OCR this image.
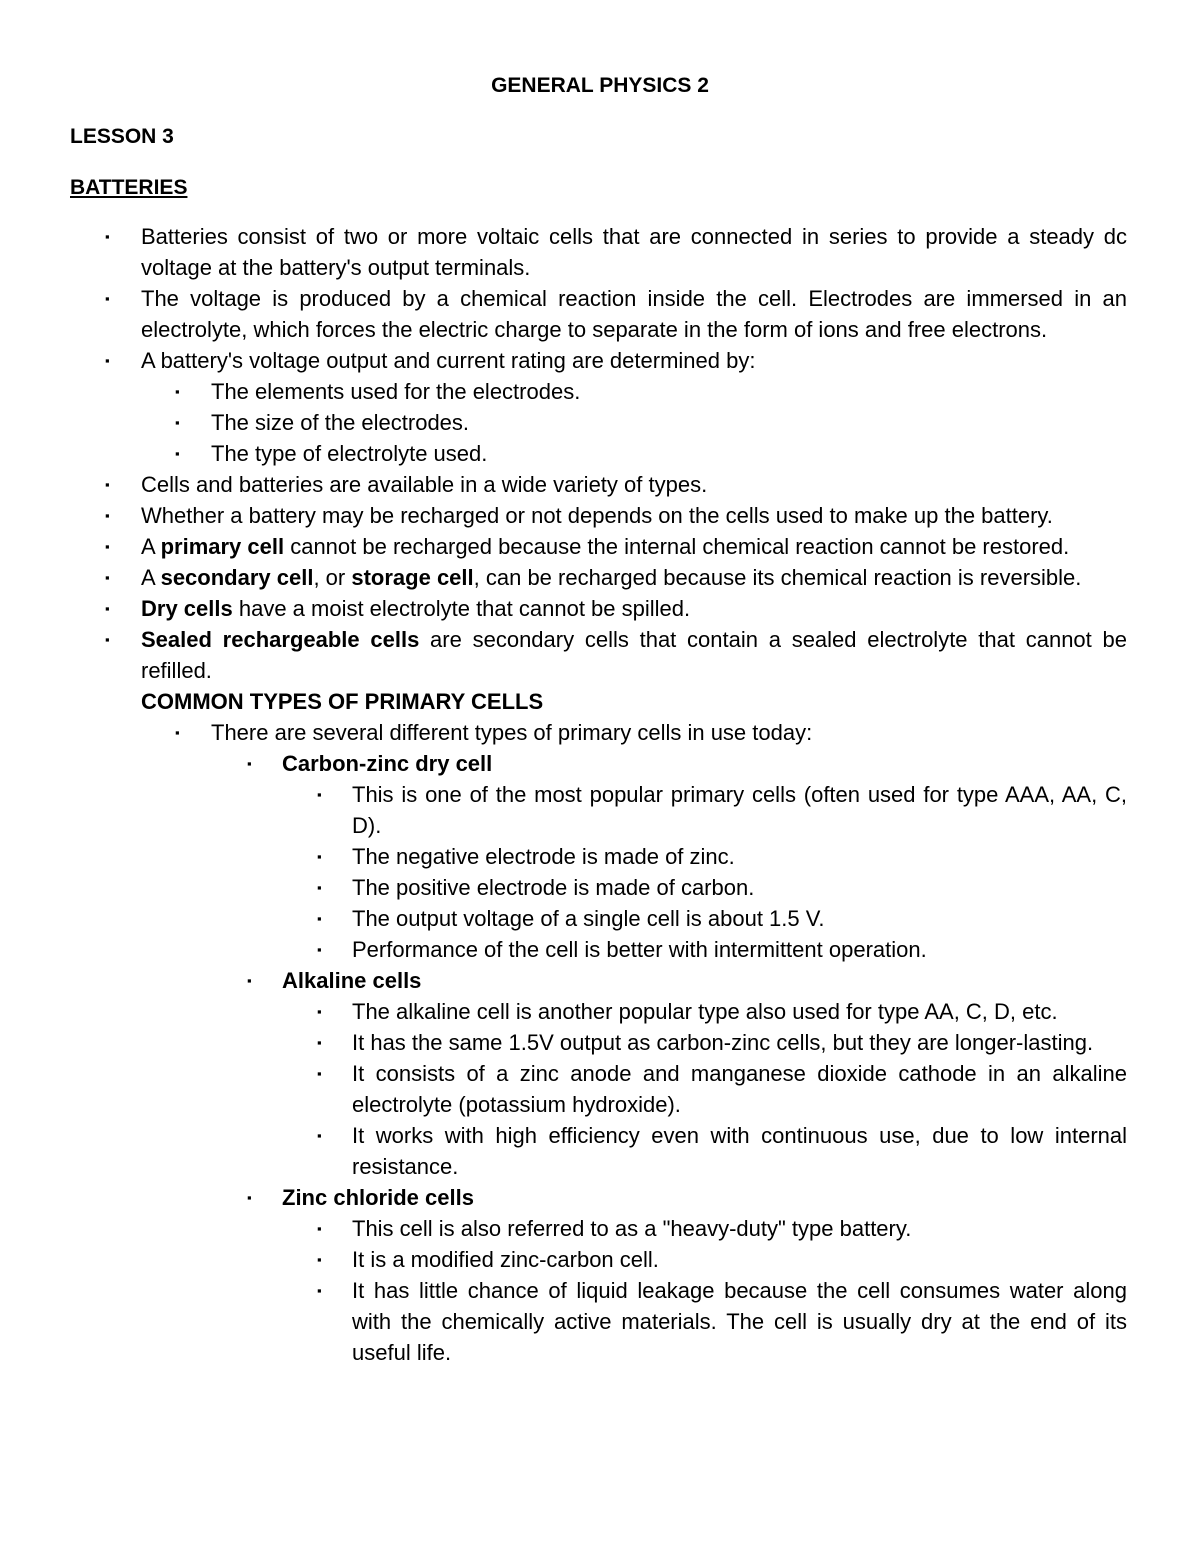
GENERAL PHYSICS 2
LESSON 3
BATTERIES
▪ Batteries consist of two or more voltaic cells that are connected in series to provide a steady dc voltage at the battery's output terminals.
▪ The voltage is produced by a chemical reaction inside the cell. Electrodes are immersed in an electrolyte, which forces the electric charge to separate in the form of ions and free electrons.
▪ A battery's voltage output and current rating are determined by:
▪ The elements used for the electrodes.
▪ The size of the electrodes.
▪ The type of electrolyte used.
▪ Cells and batteries are available in a wide variety of types.
▪ Whether a battery may be recharged or not depends on the cells used to make up the battery.
▪ A primary cell cannot be recharged because the internal chemical reaction cannot be restored.
▪ A secondary cell, or storage cell, can be recharged because its chemical reaction is reversible.
▪ Dry cells have a moist electrolyte that cannot be spilled.
▪ Sealed rechargeable cells are secondary cells that contain a sealed electrolyte that cannot be refilled.
COMMON TYPES OF PRIMARY CELLS
▪ There are several different types of primary cells in use today:
▪ Carbon-zinc dry cell
▪ This is one of the most popular primary cells (often used for type AAA, AA, C, D).
▪ The negative electrode is made of zinc.
▪ The positive electrode is made of carbon.
▪ The output voltage of a single cell is about 1.5 V.
▪ Performance of the cell is better with intermittent operation.
▪ Alkaline cells
▪ The alkaline cell is another popular type also used for type AA, C, D, etc.
▪ It has the same 1.5V output as carbon-zinc cells, but they are longer-lasting.
▪ It consists of a zinc anode and manganese dioxide cathode in an alkaline electrolyte (potassium hydroxide).
▪ It works with high efficiency even with continuous use, due to low internal resistance.
▪ Zinc chloride cells
▪ This cell is also referred to as a "heavy-duty" type battery.
▪ It is a modified zinc-carbon cell.
▪ It has little chance of liquid leakage because the cell consumes water along with the chemically active materials. The cell is usually dry at the end of its useful life.
